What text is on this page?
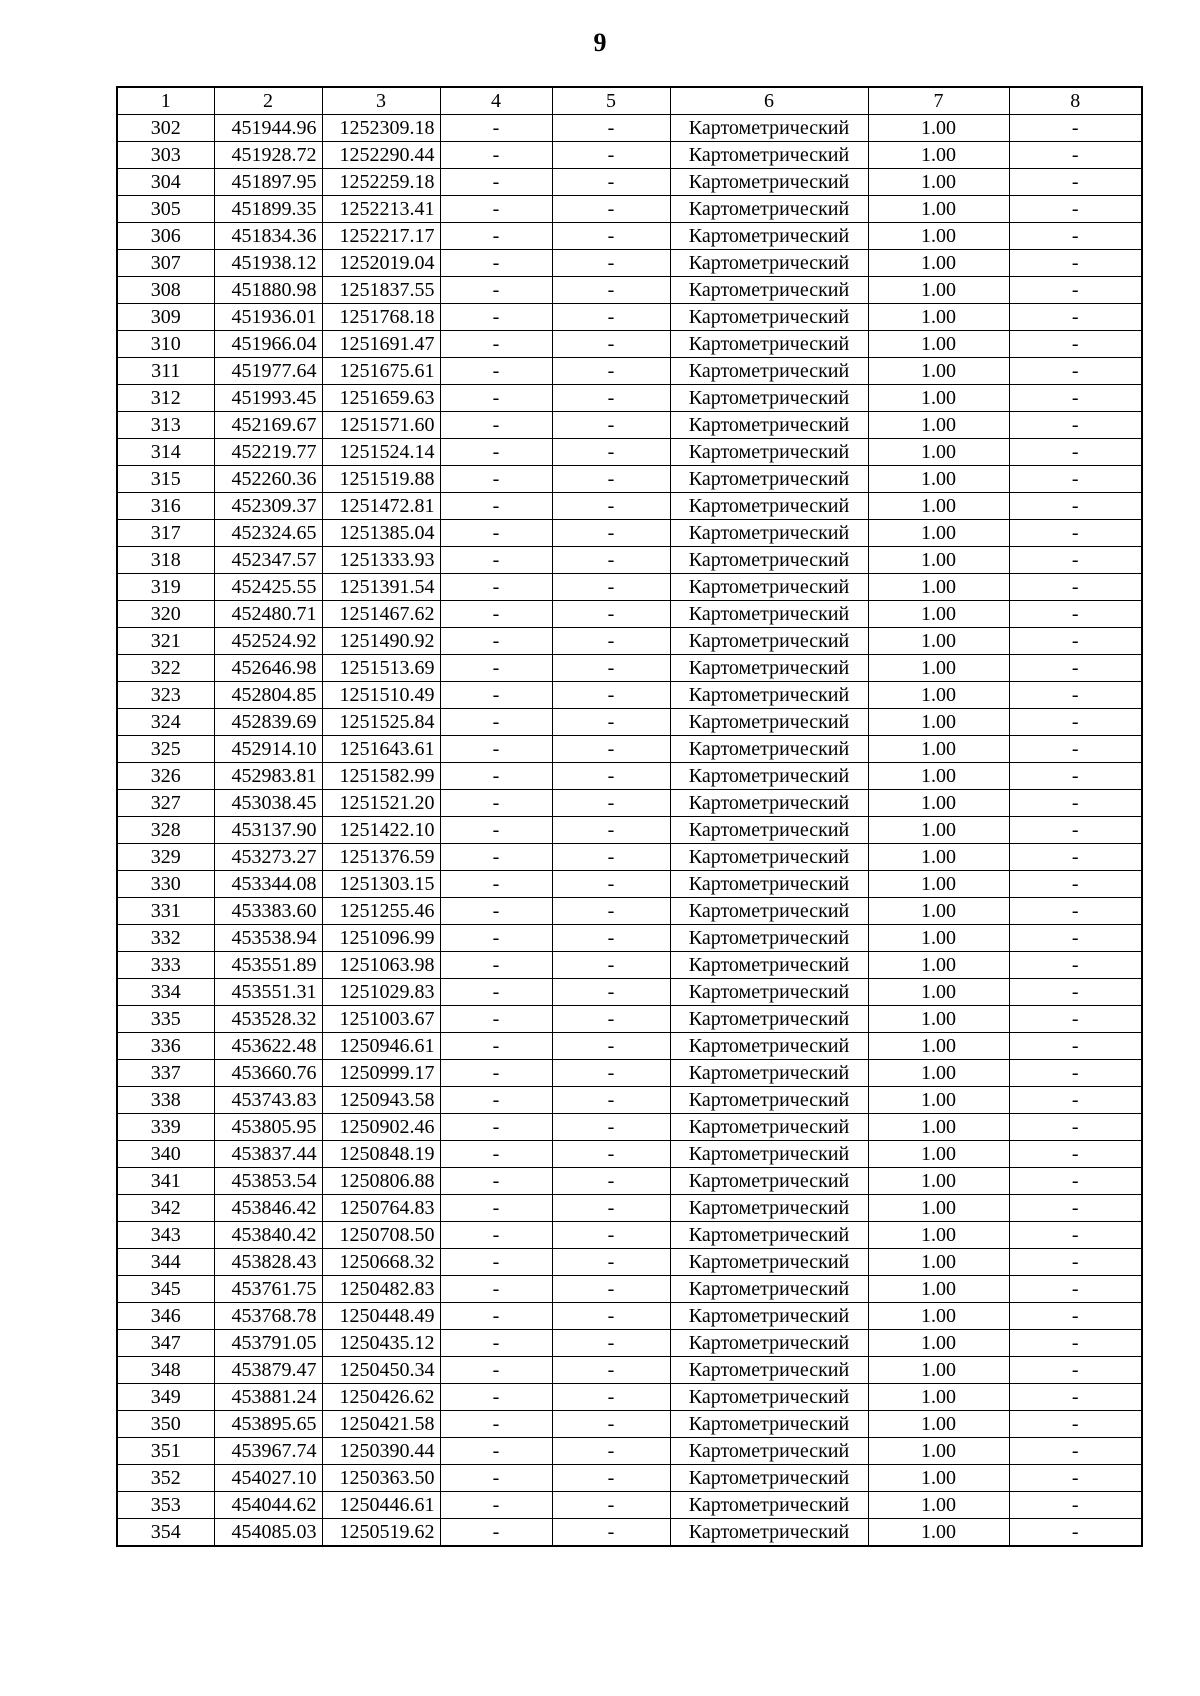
9
1	2	3	4	5	6	7	8
302	451944.96	1252309.18	-	-	Картометрический	1.00	-
303	451928.72	1252290.44	-	-	Картометрический	1.00	-
304	451897.95	1252259.18	-	-	Картометрический	1.00	-
305	451899.35	1252213.41	-	-	Картометрический	1.00	-
306	451834.36	1252217.17	-	-	Картометрический	1.00	-
307	451938.12	1252019.04	-	-	Картометрический	1.00	-
308	451880.98	1251837.55	-	-	Картометрический	1.00	-
309	451936.01	1251768.18	-	-	Картометрический	1.00	-
310	451966.04	1251691.47	-	-	Картометрический	1.00	-
311	451977.64	1251675.61	-	-	Картометрический	1.00	-
312	451993.45	1251659.63	-	-	Картометрический	1.00	-
313	452169.67	1251571.60	-	-	Картометрический	1.00	-
314	452219.77	1251524.14	-	-	Картометрический	1.00	-
315	452260.36	1251519.88	-	-	Картометрический	1.00	-
316	452309.37	1251472.81	-	-	Картометрический	1.00	-
317	452324.65	1251385.04	-	-	Картометрический	1.00	-
318	452347.57	1251333.93	-	-	Картометрический	1.00	-
319	452425.55	1251391.54	-	-	Картометрический	1.00	-
320	452480.71	1251467.62	-	-	Картометрический	1.00	-
321	452524.92	1251490.92	-	-	Картометрический	1.00	-
322	452646.98	1251513.69	-	-	Картометрический	1.00	-
323	452804.85	1251510.49	-	-	Картометрический	1.00	-
324	452839.69	1251525.84	-	-	Картометрический	1.00	-
325	452914.10	1251643.61	-	-	Картометрический	1.00	-
326	452983.81	1251582.99	-	-	Картометрический	1.00	-
327	453038.45	1251521.20	-	-	Картометрический	1.00	-
328	453137.90	1251422.10	-	-	Картометрический	1.00	-
329	453273.27	1251376.59	-	-	Картометрический	1.00	-
330	453344.08	1251303.15	-	-	Картометрический	1.00	-
331	453383.60	1251255.46	-	-	Картометрический	1.00	-
332	453538.94	1251096.99	-	-	Картометрический	1.00	-
333	453551.89	1251063.98	-	-	Картометрический	1.00	-
334	453551.31	1251029.83	-	-	Картометрический	1.00	-
335	453528.32	1251003.67	-	-	Картометрический	1.00	-
336	453622.48	1250946.61	-	-	Картометрический	1.00	-
337	453660.76	1250999.17	-	-	Картометрический	1.00	-
338	453743.83	1250943.58	-	-	Картометрический	1.00	-
339	453805.95	1250902.46	-	-	Картометрический	1.00	-
340	453837.44	1250848.19	-	-	Картометрический	1.00	-
341	453853.54	1250806.88	-	-	Картометрический	1.00	-
342	453846.42	1250764.83	-	-	Картометрический	1.00	-
343	453840.42	1250708.50	-	-	Картометрический	1.00	-
344	453828.43	1250668.32	-	-	Картометрический	1.00	-
345	453761.75	1250482.83	-	-	Картометрический	1.00	-
346	453768.78	1250448.49	-	-	Картометрический	1.00	-
347	453791.05	1250435.12	-	-	Картометрический	1.00	-
348	453879.47	1250450.34	-	-	Картометрический	1.00	-
349	453881.24	1250426.62	-	-	Картометрический	1.00	-
350	453895.65	1250421.58	-	-	Картометрический	1.00	-
351	453967.74	1250390.44	-	-	Картометрический	1.00	-
352	454027.10	1250363.50	-	-	Картометрический	1.00	-
353	454044.62	1250446.61	-	-	Картометрический	1.00	-
354	454085.03	1250519.62	-	-	Картометрический	1.00	-
